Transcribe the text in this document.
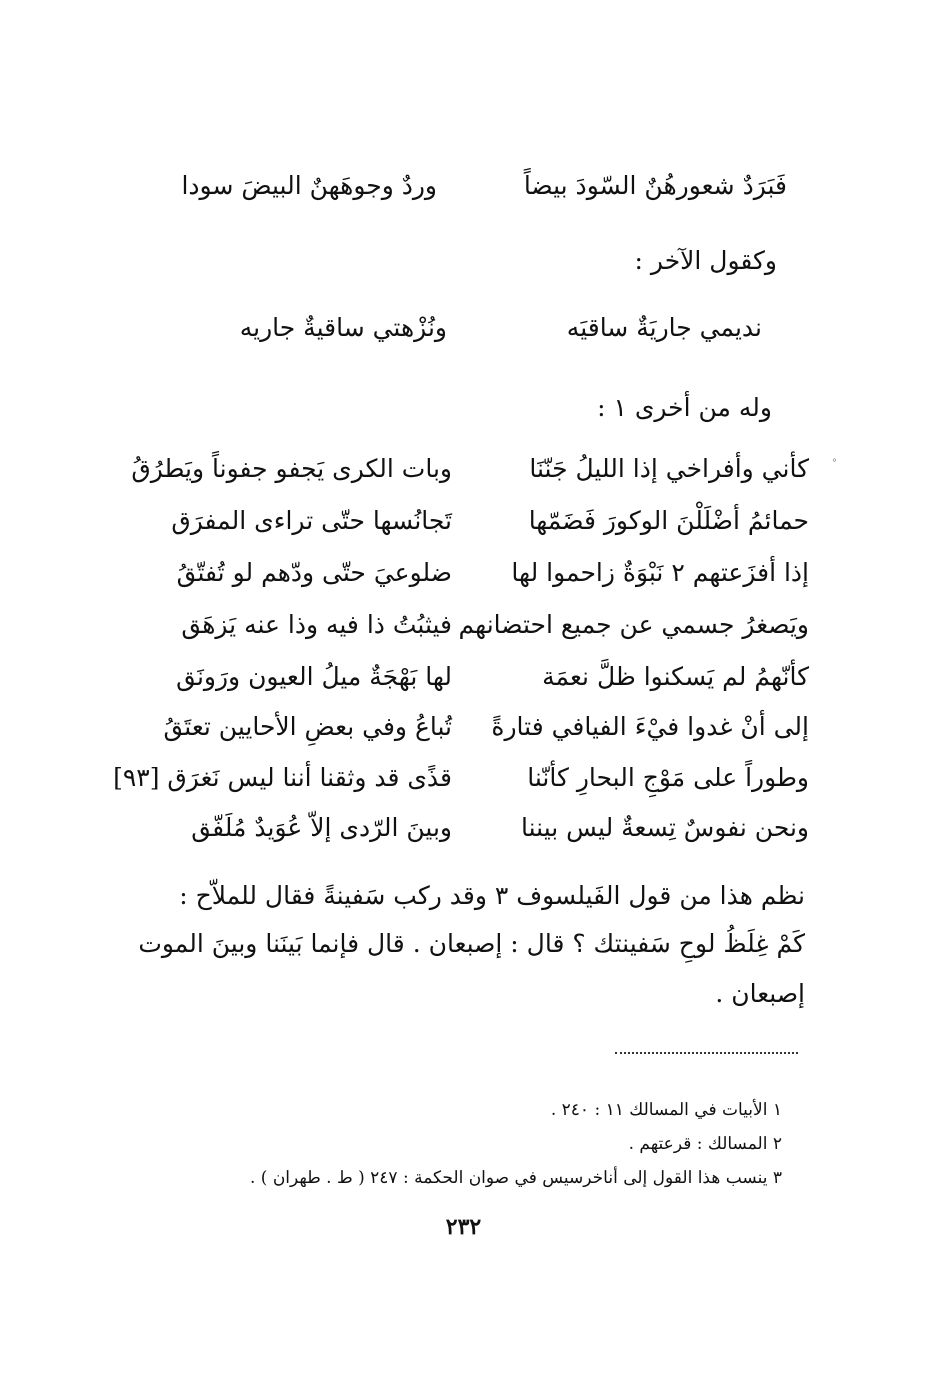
فَبَرَدٌ شعورهُنٌ السّودَ بيضاً
وردٌ وجوهَهنٌ البيضَ سودا
وكقول الآخر :
نديمي جاريَةٌ ساقيَه
ونُزْهتي ساقيةٌ جاريه
وله من أخرى ١ :
°
كأني وأفراخي إذا الليلُ جَنّنَا
وبات الكرى يَجفو جفوناً ويَطرُقُ
حمائمُ أضْلَلْنَ الوكورَ فَضَمّها
تَجانُسها حتّى تراءى المفرَق
إذا أفزَعتهم ٢ نَبْوَةٌ زاحموا لها
ضلوعيَ حتّى ودّهم لو تُفتّقُ
ويَصغرُ جسمي عن جميع احتضانهم
فيثبُتُ ذا فيه وذا عنه يَزهَق
كأنّهمُ لم يَسكنوا ظلَّ نعمَة
لها بَهْجَةٌ ميلُ العيون ورَونَق
إلى أنْ غدوا فيْءَ الفيافي فتارةً
تُباعُ وفي بعضِ الأحايين تعتَقُ
وطوراً على مَوْجِ البحارِ كأنّنا
قذًى قد وثقنا أننا ليس نَغرَق [٩٣]
ونحن نفوسٌ تِسعةٌ ليس بيننا
وبينَ الرّدى إلاّ عُوَيدٌ مُلَفّق
نظم هذا من قول الفَيلسوف ٣ وقد ركب سَفينةً فقال للملاّح :
كَمْ غِلَظُ لوحِ سَفينتك ؟ قال : إصبعان . قال فإنما بَينَنا وبينَ الموت
إصبعان .
١ الأبيات في المسالك ١١ : ٢٤٠ .
٢ المسالك : قرعتهم .
٣ ينسب هذا القول إلى أناخرسيس في صوان الحكمة : ٢٤٧ ( ط . طهران ) .
٢٣٢
